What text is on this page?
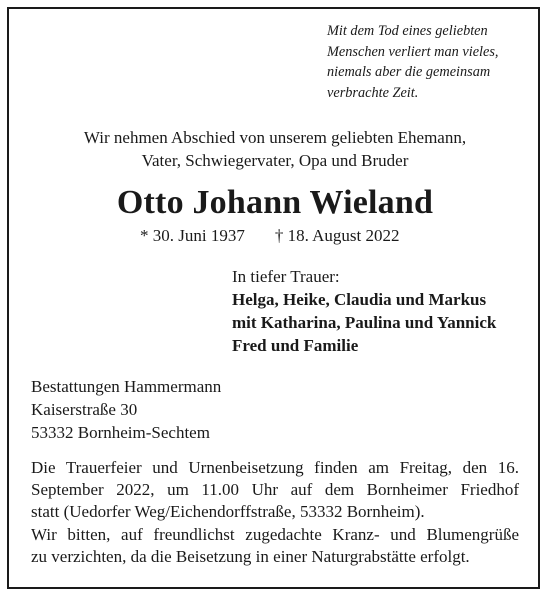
Mit dem Tod eines geliebten
Menschen verliert man vieles,
niemals aber die gemeinsam
verbrachte Zeit.
Wir nehmen Abschied von unserem geliebten Ehemann,
Vater, Schwiegervater, Opa und Bruder
Otto Johann Wieland
* 30. Juni 1937 † 18. August 2022
In tiefer Trauer:
Helga, Heike, Claudia und Markus
mit Katharina, Paulina und Yannick
Fred und Familie
Bestattungen Hammermann
Kaiserstraße 30
53332 Bornheim-Sechtem
Die Trauerfeier und Urnenbeisetzung finden am Freitag, den 16.
September 2022, um 11.00 Uhr auf dem Bornheimer Friedhof
statt (Uedorfer Weg/Eichendorffstraße, 53332 Bornheim).
Wir bitten, auf freundlichst zugedachte Kranz- und Blumengrüße
zu verzichten, da die Beisetzung in einer Naturgrabstätte erfolgt.
